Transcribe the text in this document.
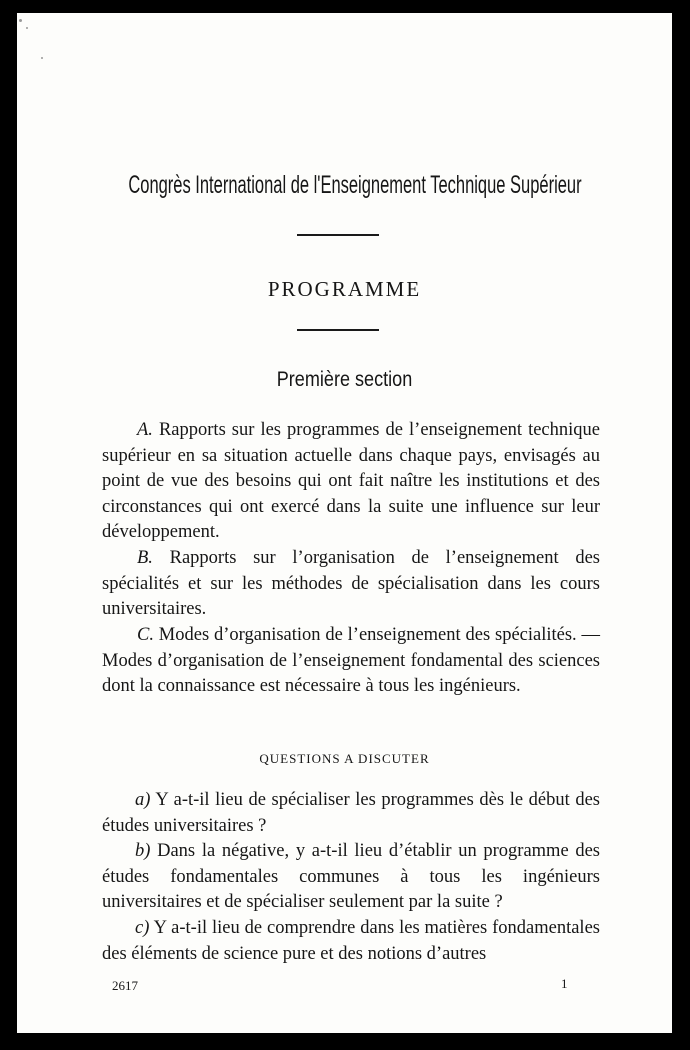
Congrès International de l'Enseignement Technique Supérieur
PROGRAMME
Première section
A. Rapports sur les programmes de l’enseignement technique supérieur en sa situation actuelle dans chaque pays, envisagés au point de vue des besoins qui ont fait naître les institutions et des circonstances qui ont exercé dans la suite une influence sur leur développement.
B. Rapports sur l’organisation de l’enseignement des spécialités et sur les méthodes de spécialisation dans les cours universitaires.
C. Modes d’organisation de l’enseignement des spécialités. — Modes d’organisation de l’enseignement fondamental des sciences dont la connaissance est nécessaire à tous les ingénieurs.
QUESTIONS A DISCUTER
a) Y a-t-il lieu de spécialiser les programmes dès le début des études universitaires ?
b) Dans la négative, y a-t-il lieu d’établir un programme des études fondamentales communes à tous les ingénieurs universitaires et de spécialiser seulement par la suite ?
c) Y a-t-il lieu de comprendre dans les matières fondamentales des éléments de science pure et des notions d’autres
2617	1
